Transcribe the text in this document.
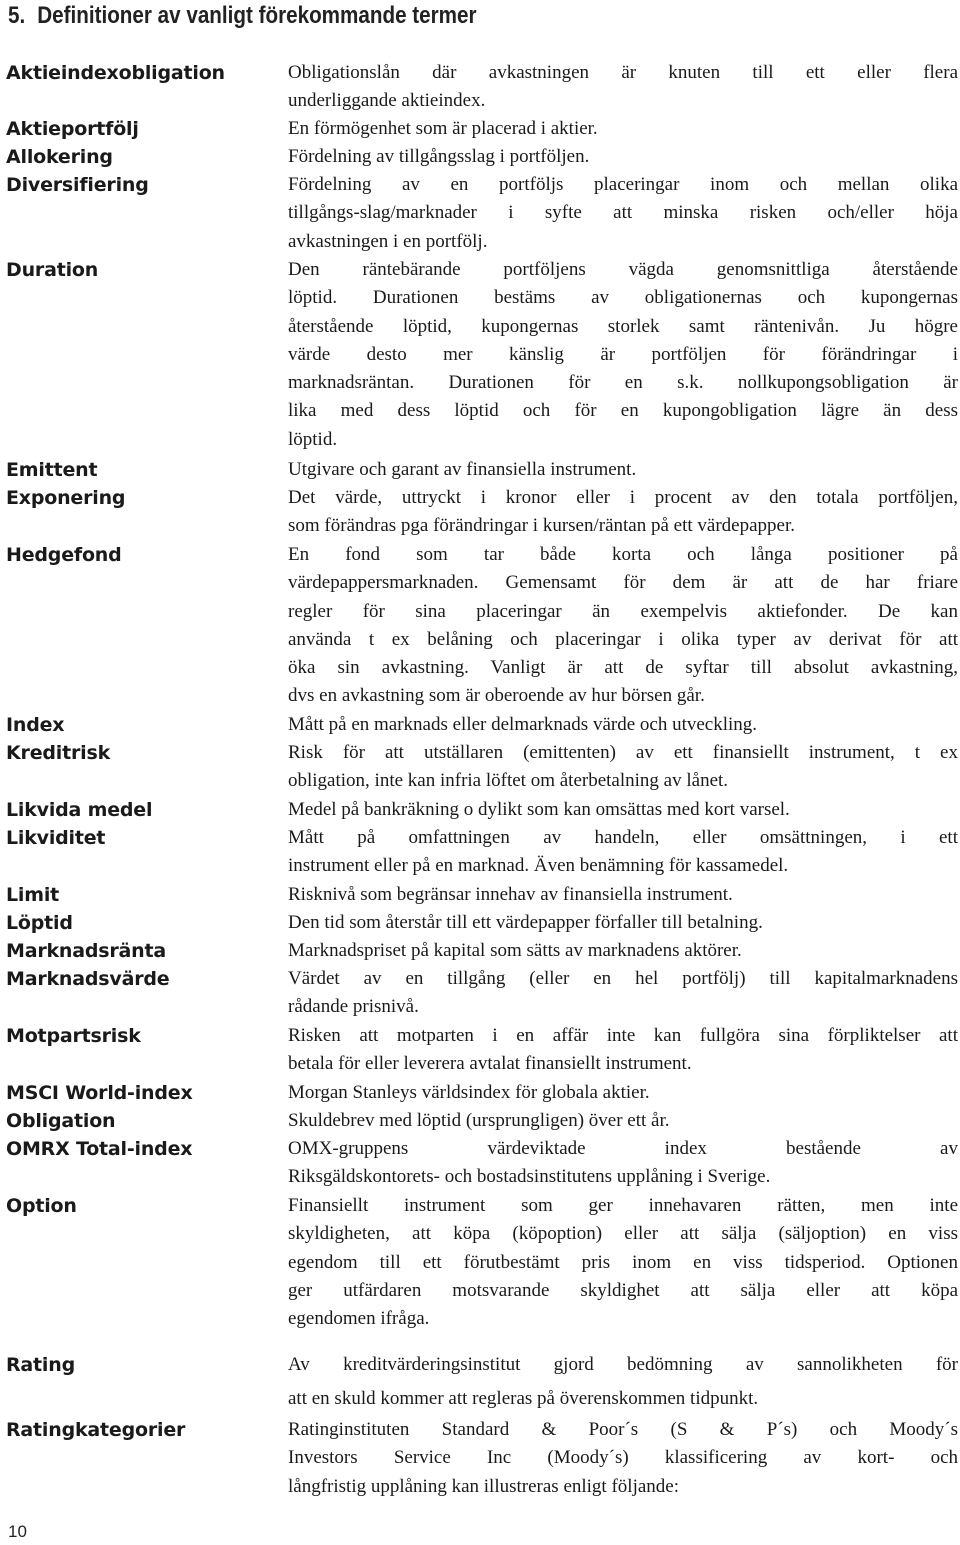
5. Definitioner av vanligt förekommande termer
Aktieindexobligation	Obligationslån där avkastningen är knuten till ett eller flera
underliggande aktieindex.
Aktieportfölj	En förmögenhet som är placerad i aktier.
Allokering	Fördelning av tillgångsslag i portföljen.
Diversifiering	Fördelning av en portföljs placeringar inom och mellan olika
tillgångs-slag/marknader i syfte att minska risken och/eller höja
avkastningen i en portfölj.
Duration	Den räntebärande portföljens vägda genomsnittliga återstående
löptid. Durationen bestäms av obligationernas och kupongernas
återstående löptid, kupongernas storlek samt räntenivån. Ju högre
värde desto mer känslig är portföljen för förändringar i
marknadsräntan. Durationen för en s.k. nollkupongsobligation är
lika med dess löptid och för en kupongobligation lägre än dess
löptid.
Emittent	Utgivare och garant av finansiella instrument.
Exponering	Det värde, uttryckt i kronor eller i procent av den totala portföljen,
som förändras pga förändringar i kursen/räntan på ett värdepapper.
Hedgefond	En fond som tar både korta och långa positioner på
värdepappersmarknaden. Gemensamt för dem är att de har friare
regler för sina placeringar än exempelvis aktiefonder. De kan
använda t ex belåning och placeringar i olika typer av derivat för att
öka sin avkastning. Vanligt är att de syftar till absolut avkastning,
dvs en avkastning som är oberoende av hur börsen går.
Index	Mått på en marknads eller delmarknads värde och utveckling.
Kreditrisk	Risk för att utställaren (emittenten) av ett finansiellt instrument, t ex
obligation, inte kan infria löftet om återbetalning av lånet.
Likvida medel	Medel på bankräkning o dylikt som kan omsättas med kort varsel.
Likviditet	Mått på omfattningen av handeln, eller omsättningen, i ett
instrument eller på en marknad. Även benämning för kassamedel.
Limit	Risknivå som begränsar innehav av finansiella instrument.
Löptid	Den tid som återstår till ett värdepapper förfaller till betalning.
Marknadsränta	Marknadspriset på kapital som sätts av marknadens aktörer.
Marknadsvärde	Värdet av en tillgång (eller en hel portfölj) till kapitalmarknadens
rådande prisnivå.
Motpartsrisk	Risken att motparten i en affär inte kan fullgöra sina förpliktelser att
betala för eller leverera avtalat finansiellt instrument.
MSCI World-index	Morgan Stanleys världsindex för globala aktier.
Obligation	Skuldebrev med löptid (ursprungligen) över ett år.
OMRX Total-index	OMX-gruppens värdeviktade index bestående av
Riksgäldskontorets- och bostadsinstitutens upplåning i Sverige.
Option	Finansiellt instrument som ger innehavaren rätten, men inte
skyldigheten, att köpa (köpoption) eller att sälja (säljoption) en viss
egendom till ett förutbestämt pris inom en viss tidsperiod. Optionen
ger utfärdaren motsvarande skyldighet att sälja eller att köpa
egendomen ifråga.
Rating	Av kreditvärderingsinstitut gjord bedömning av sannolikheten för
att en skuld kommer att regleras på överenskommen tidpunkt.
Ratingkategorier	Ratinginstituten Standard & Poor´s (S & P´s) och Moody´s
Investors Service Inc (Moody´s) klassificering av kort- och
långfristig upplåning kan illustreras enligt följande:
10
